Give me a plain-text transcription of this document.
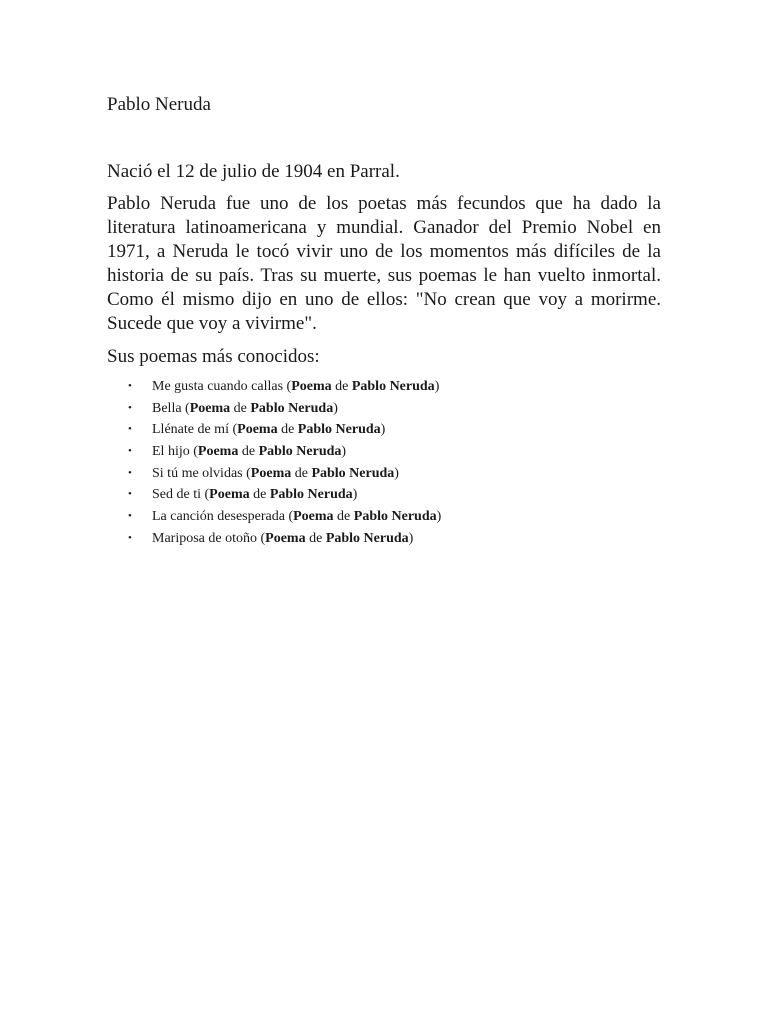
Pablo Neruda

Nació el 12 de julio de 1904 en Parral.

Pablo Neruda fue uno de los poetas más fecundos que ha dado la literatura latinoamericana y mundial. Ganador del Premio Nobel en 1971, a Neruda le tocó vivir uno de los momentos más difíciles de la historia de su país. Tras su muerte, sus poemas le han vuelto inmortal. Como él mismo dijo en uno de ellos: "No crean que voy a morirme. Sucede que voy a vivirme".

Sus poemas más conocidos:

• Me gusta cuando callas (Poema de Pablo Neruda)
• Bella (Poema de Pablo Neruda)
• Llénate de mí (Poema de Pablo Neruda)
• El hijo (Poema de Pablo Neruda)
• Si tú me olvidas (Poema de Pablo Neruda)
• Sed de ti (Poema de Pablo Neruda)
• La canción desesperada (Poema de Pablo Neruda)
• Mariposa de otoño (Poema de Pablo Neruda)
